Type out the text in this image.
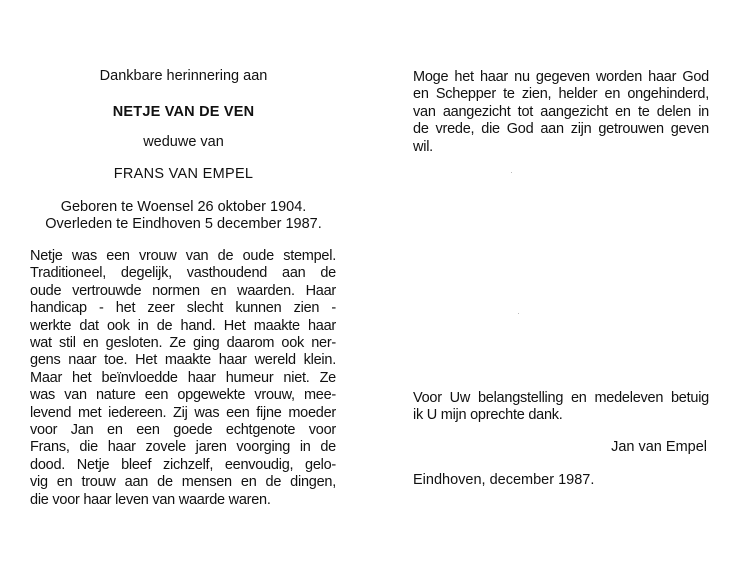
Dankbare herinnering aan
NETJE VAN DE VEN
weduwe van
FRANS VAN EMPEL
Geboren te Woensel 26 oktober 1904.
Overleden te Eindhoven 5 december 1987.
Netje was een vrouw van de oude stempel.
Traditioneel, degelijk, vasthoudend aan de
oude vertrouwde normen en waarden. Haar
handicap - het zeer slecht kunnen zien -
werkte dat ook in de hand. Het maakte haar
wat stil en gesloten. Ze ging daarom ook ner-
gens naar toe. Het maakte haar wereld klein.
Maar het beïnvloedde haar humeur niet. Ze
was van nature een opgewekte vrouw, mee-
levend met iedereen. Zij was een fijne moeder
voor Jan en een goede echtgenote voor
Frans, die haar zovele jaren voorging in de
dood. Netje bleef zichzelf, eenvoudig, gelo-
vig en trouw aan de mensen en de dingen,
die voor haar leven van waarde waren.
Moge het haar nu gegeven worden haar God
en Schepper te zien, helder en ongehinderd,
van aangezicht tot aangezicht en te delen in
de vrede, die God aan zijn getrouwen geven
wil.
Voor Uw belangstelling en medeleven betuig
ik U mijn oprechte dank.
Jan van Empel
Eindhoven, december 1987.
